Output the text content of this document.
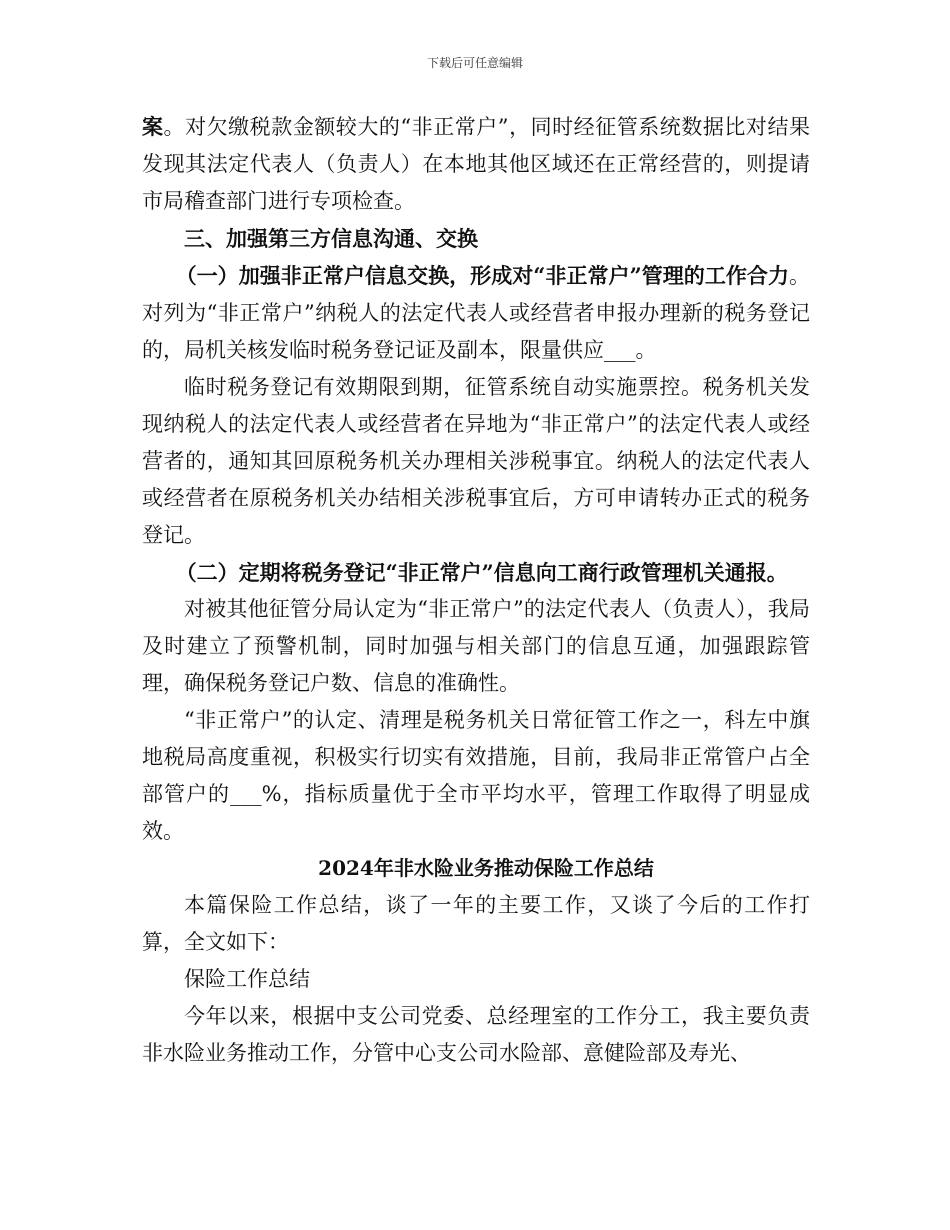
下载后可任意编辑

案。对欠缴税款金额较大的“非正常户”，同时经征管系统数据比对结果发现其法定代表人（负责人）在本地其他区域还在正常经营的，则提请市局稽查部门进行专项检查。

三、加强第三方信息沟通、交换

（一）加强非正常户信息交换，形成对“非正常户”管理的工作合力。对列为“非正常户”纳税人的法定代表人或经营者申报办理新的税务登记的，局机关核发临时税务登记证及副本，限量供应___。

临时税务登记有效期限到期，征管系统自动实施票控。税务机关发现纳税人的法定代表人或经营者在异地为“非正常户”的法定代表人或经营者的，通知其回原税务机关办理相关涉税事宜。纳税人的法定代表人或经营者在原税务机关办结相关涉税事宜后，方可申请转办正式的税务登记。

（二）定期将税务登记“非正常户”信息向工商行政管理机关通报。

对被其他征管分局认定为“非正常户”的法定代表人（负责人），我局及时建立了预警机制，同时加强与相关部门的信息互通，加强跟踪管理，确保税务登记户数、信息的准确性。

“非正常户”的认定、清理是税务机关日常征管工作之一，科左中旗地税局高度重视，积极实行切实有效措施，目前，我局非正常管户占全部管户的___%，指标质量优于全市平均水平，管理工作取得了明显成效。

2024年非水险业务推动保险工作总结

本篇保险工作总结，谈了一年的主要工作，又谈了今后的工作打算，全文如下：

保险工作总结

今年以来，根据中支公司党委、总经理室的工作分工，我主要负责非水险业务推动工作，分管中心支公司水险部、意健险部及寿光、
